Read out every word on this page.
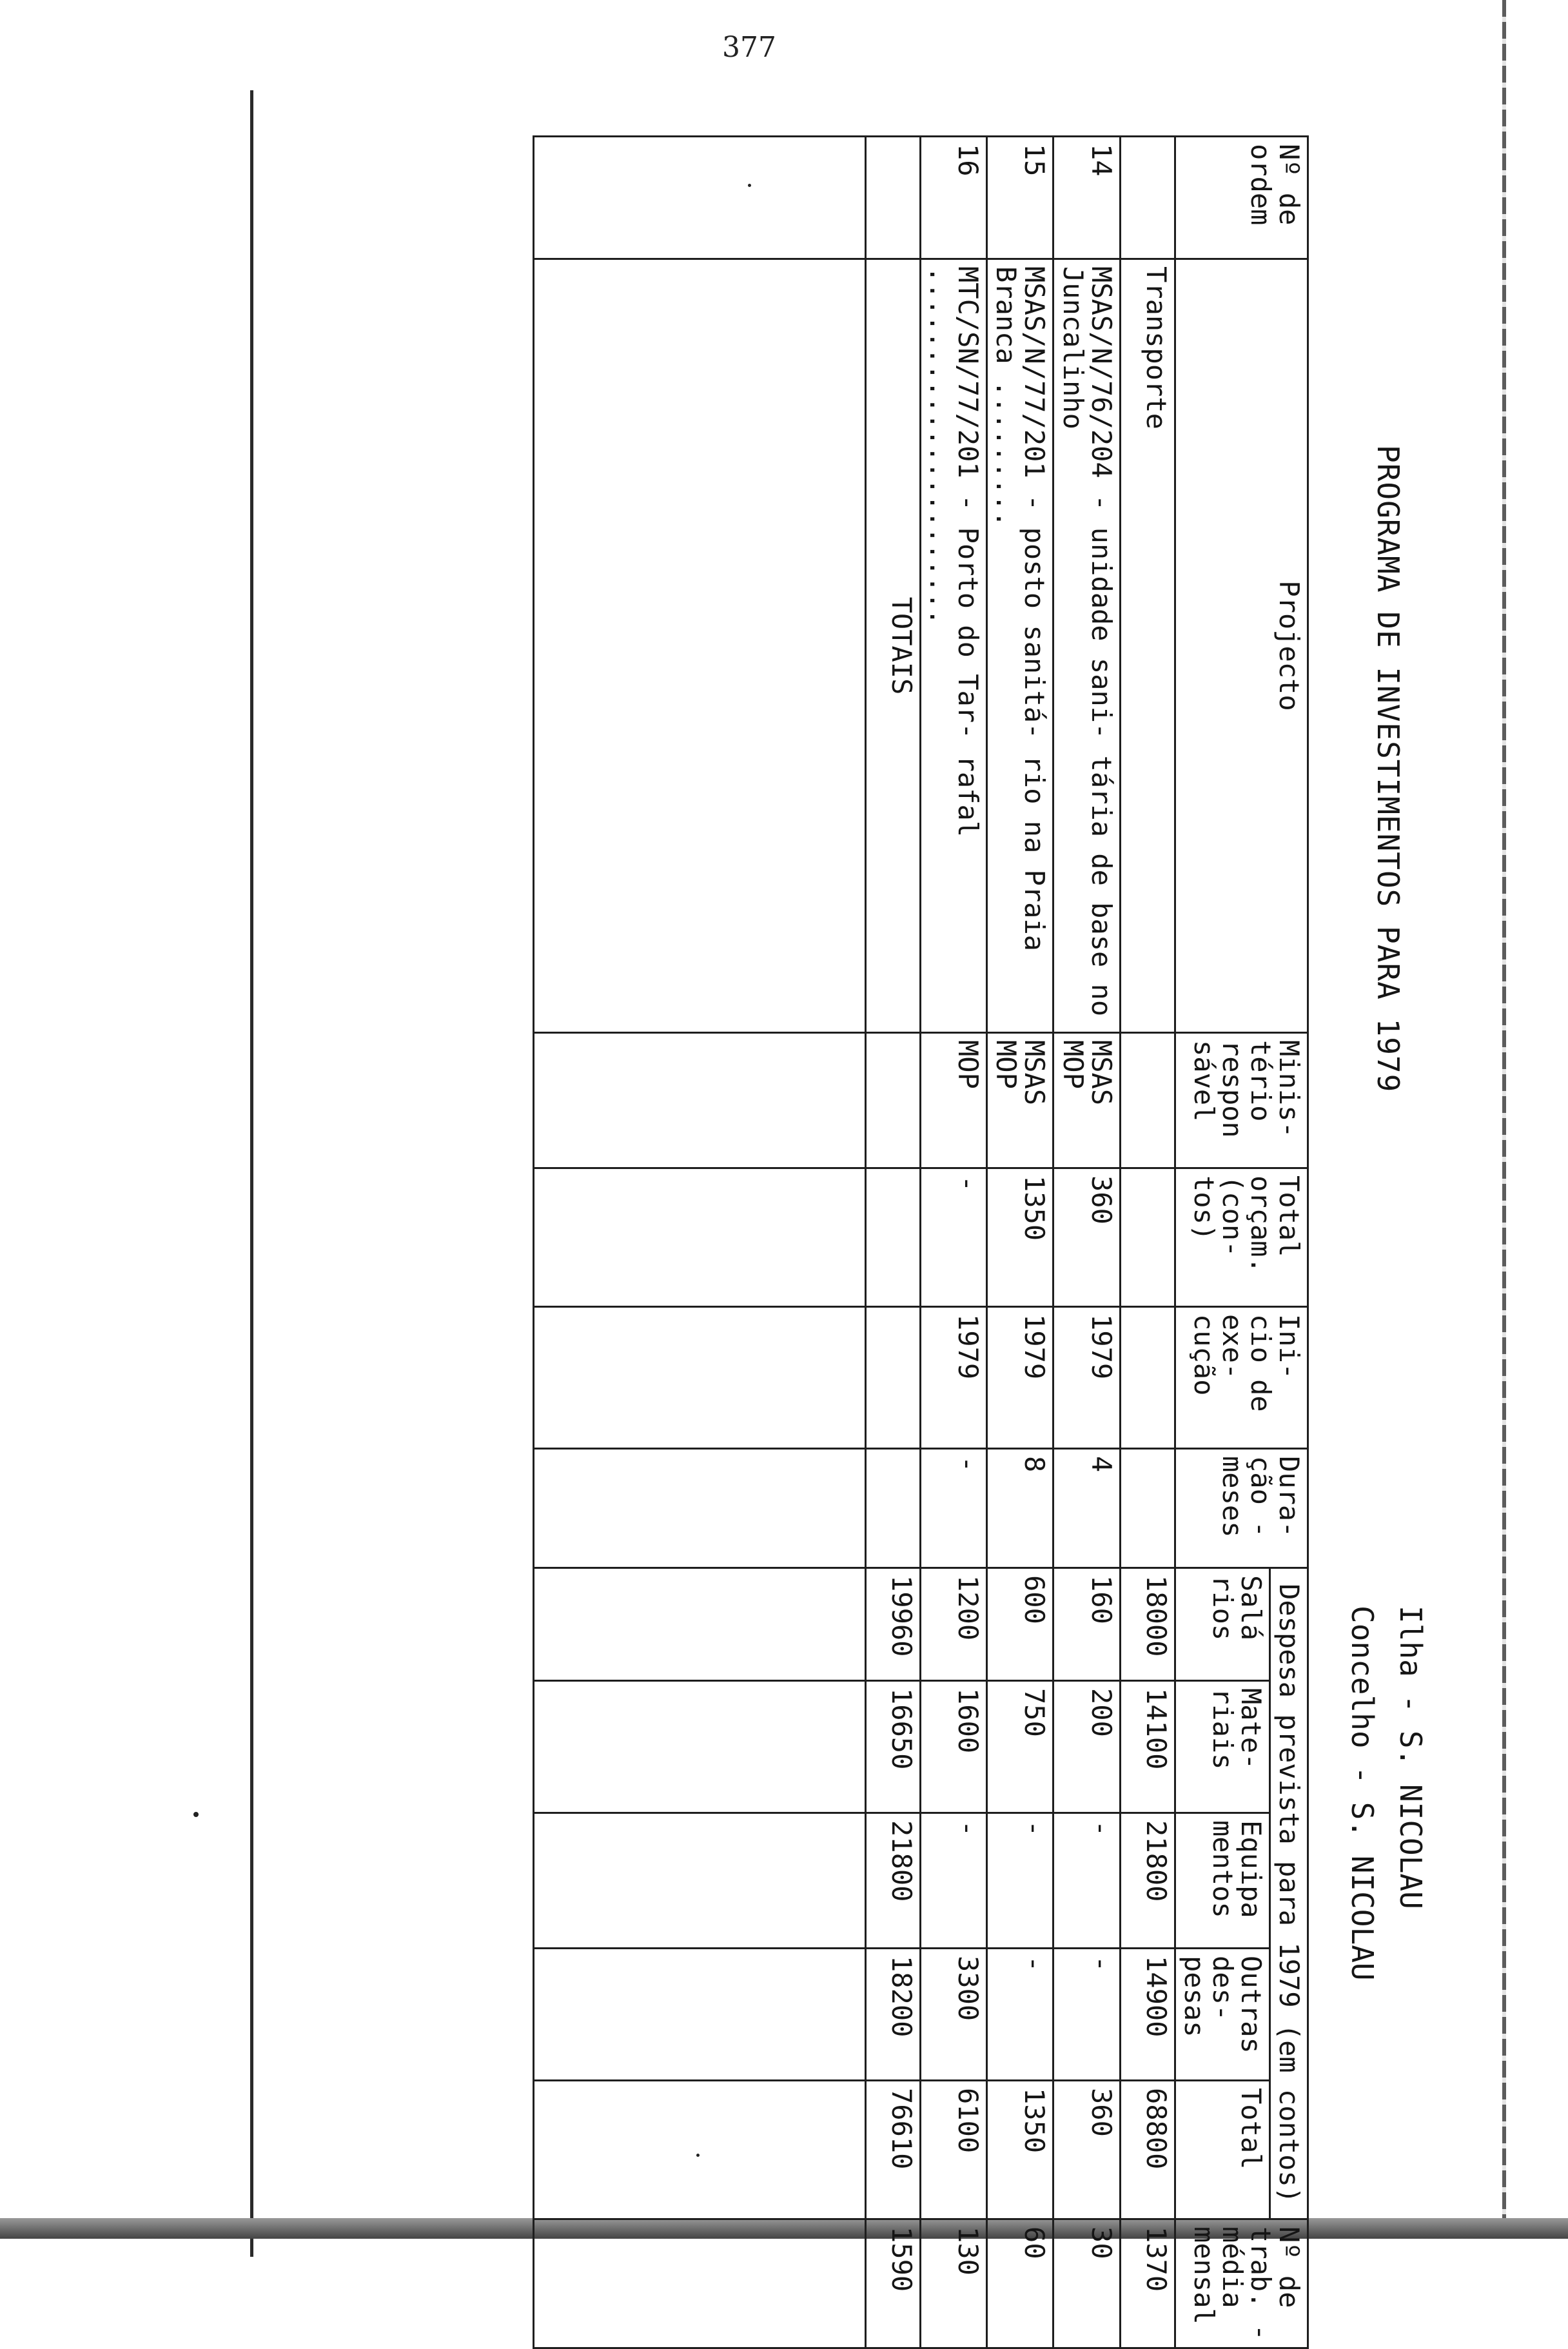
377
PROGRAMA DE INVESTIMENTOS PARA 1979
Ilha - S. NICOLAU
Concelho - S. NICOLAU
Nº de ordem	Projecto	Minis- tério respon sável	Total orçam. (con- tos)	Ini- cio de exe- cução	Dura- ção -meses	Despesa prevista para 1979 (em contos)					Nº de trab. -média mensal
						Salá rios	Mate- riais	Equipa mentos	Outras des- pesas	Total	
	Transporte					18000	14100	21800	14900	68800	1370
14	MSAS/N/76/204 - unidade sani- tária de base no Juncalinho	MSAS MOP	360	1979	4	160	200	-	-	360	30
15	MSAS/N/77/201 - posto sanitá- rio na Praia Branca .........	MSAS MOP	1350	1979	8	600	750	-	-	1350	60
16	MTC/SN/77/201 - Porto do Tar- rafal ......................	MOP	-	1979	-	1200	1600	-	3300	6100	130
	TOTAIS					19960	16650	21800	18200	76610	1590
